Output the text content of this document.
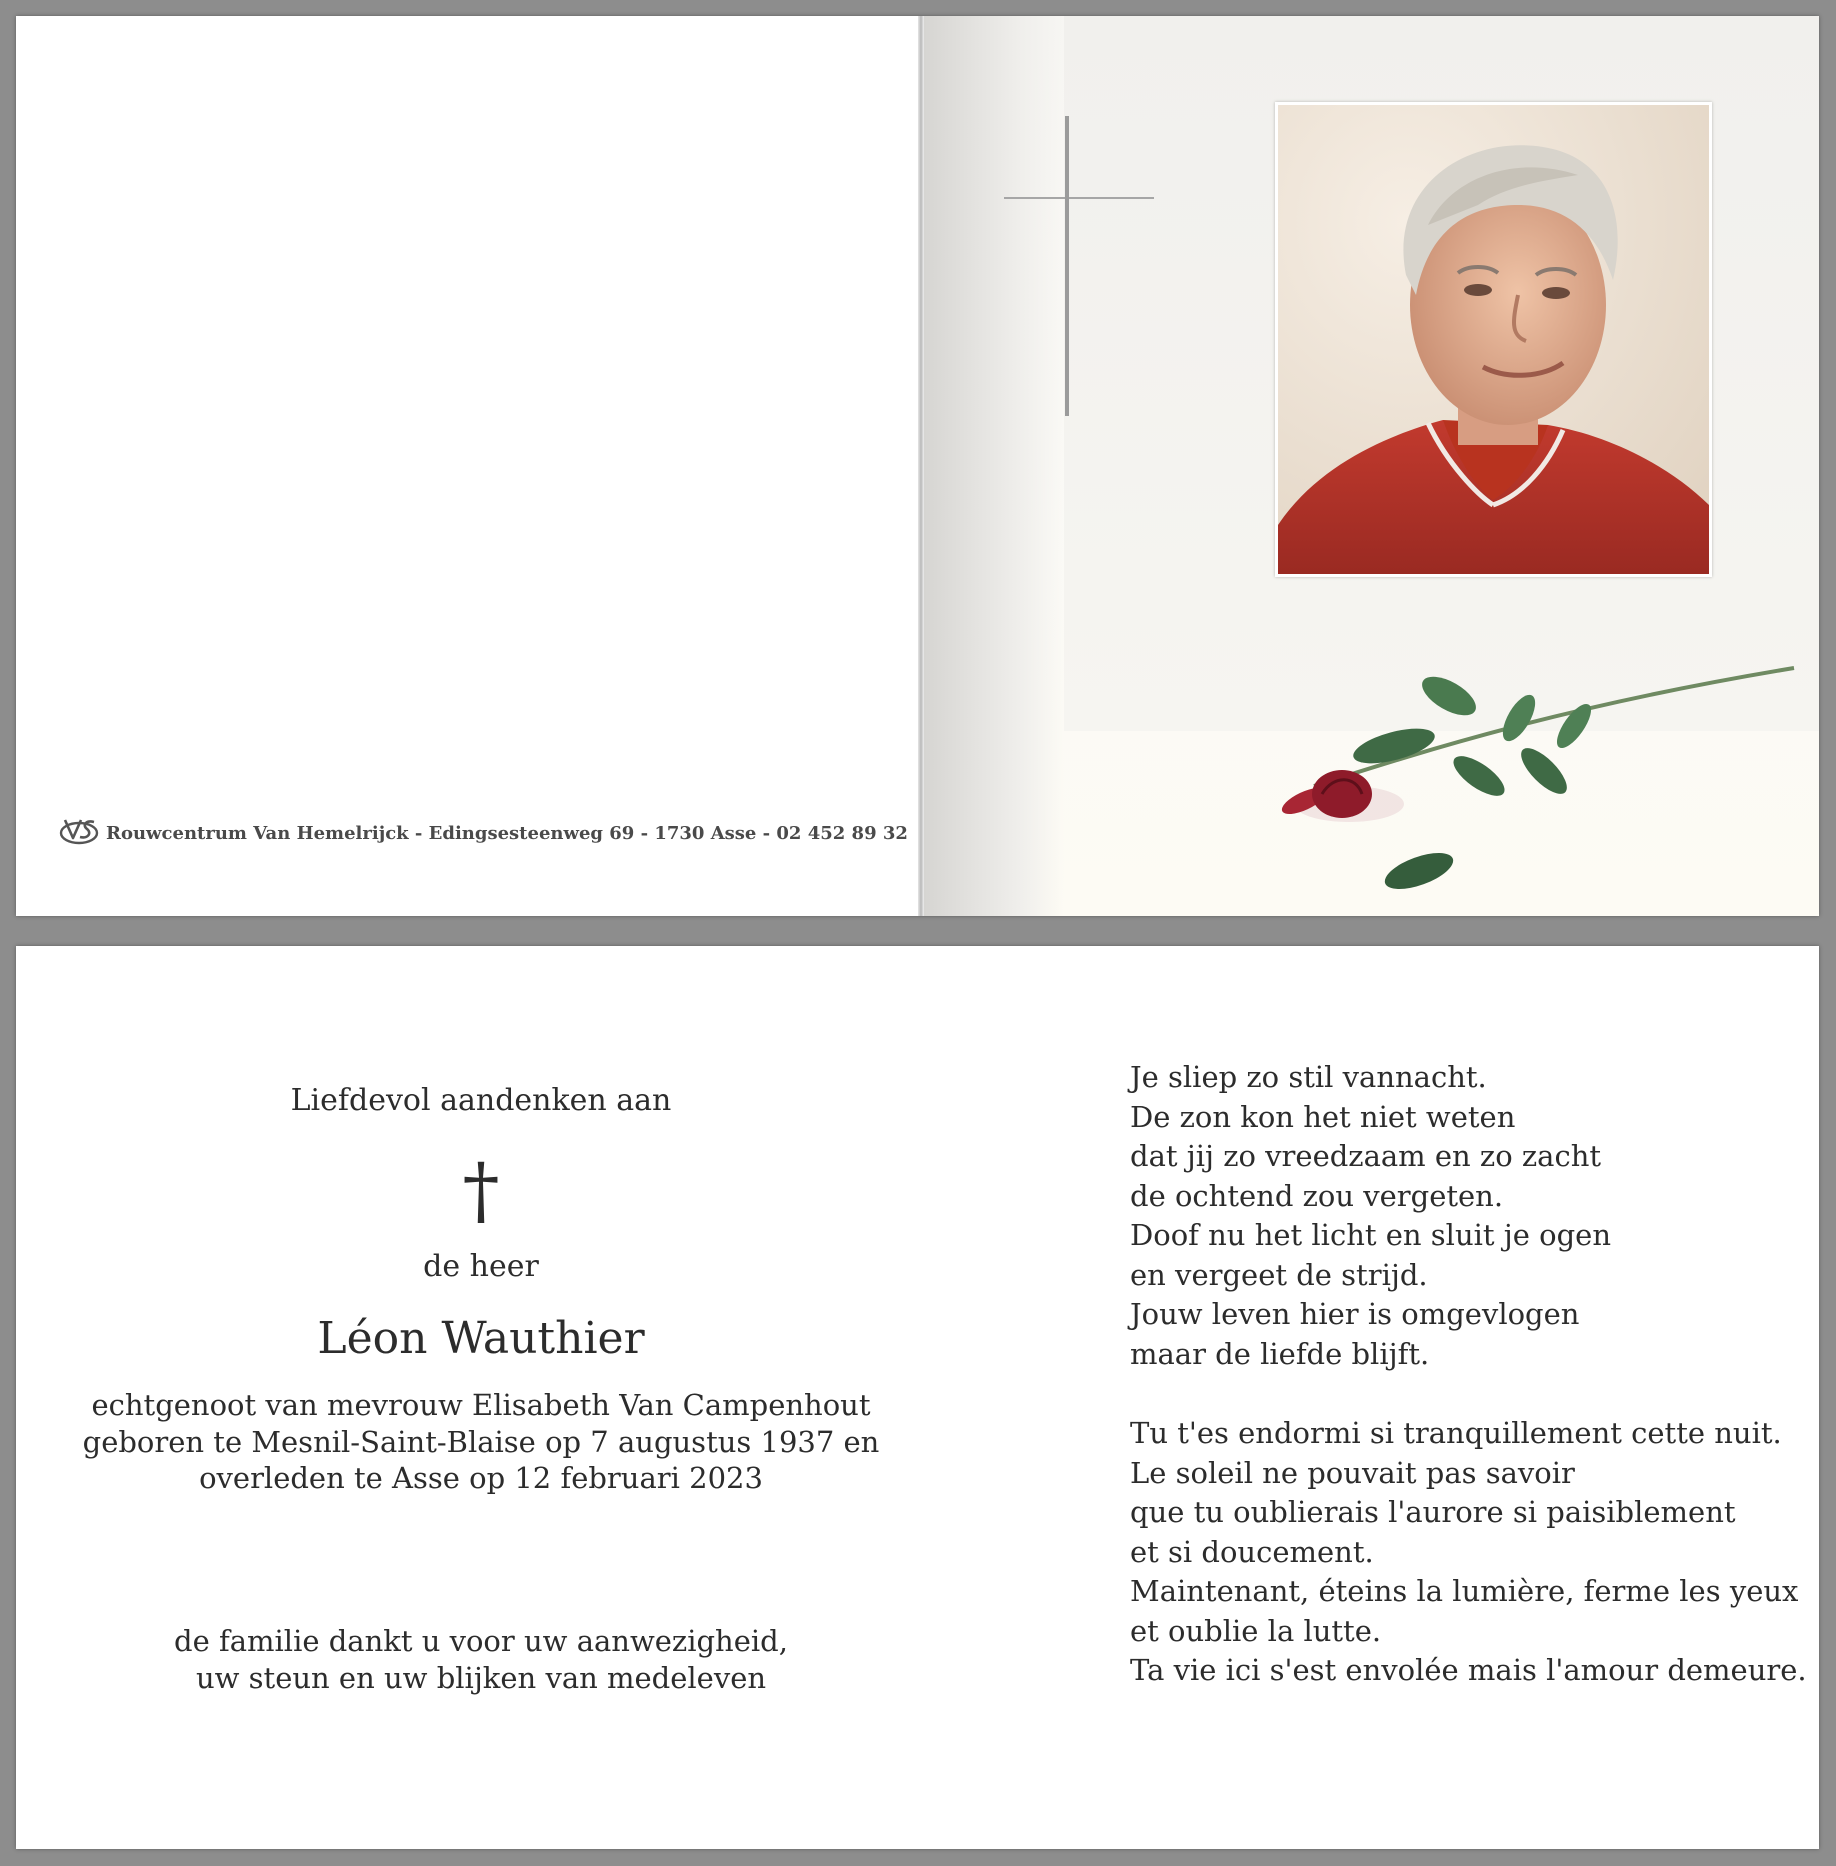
Rouwcentrum Van Hemelrijck - Edingsesteenweg 69 - 1730 Asse - 02 452 89 32
Liefdevol aandenken aan
†
de heer
Léon Wauthier
echtgenoot van mevrouw Elisabeth Van Campenhout
geboren te Mesnil-Saint-Blaise op 7 augustus 1937 en
overleden te Asse op 12 februari 2023
de familie dankt u voor uw aanwezigheid,
uw steun en uw blijken van medeleven
Je sliep zo stil vannacht.
De zon kon het niet weten
dat jij zo vreedzaam en zo zacht
de ochtend zou vergeten.
Doof nu het licht en sluit je ogen
en vergeet de strijd.
Jouw leven hier is omgevlogen
maar de liefde blijft.
Tu t'es endormi si tranquillement cette nuit.
Le soleil ne pouvait pas savoir
que tu oublierais l'aurore si paisiblement
et si doucement.
Maintenant, éteins la lumière, ferme les yeux
et oublie la lutte.
Ta vie ici s'est envolée mais l'amour demeure.
